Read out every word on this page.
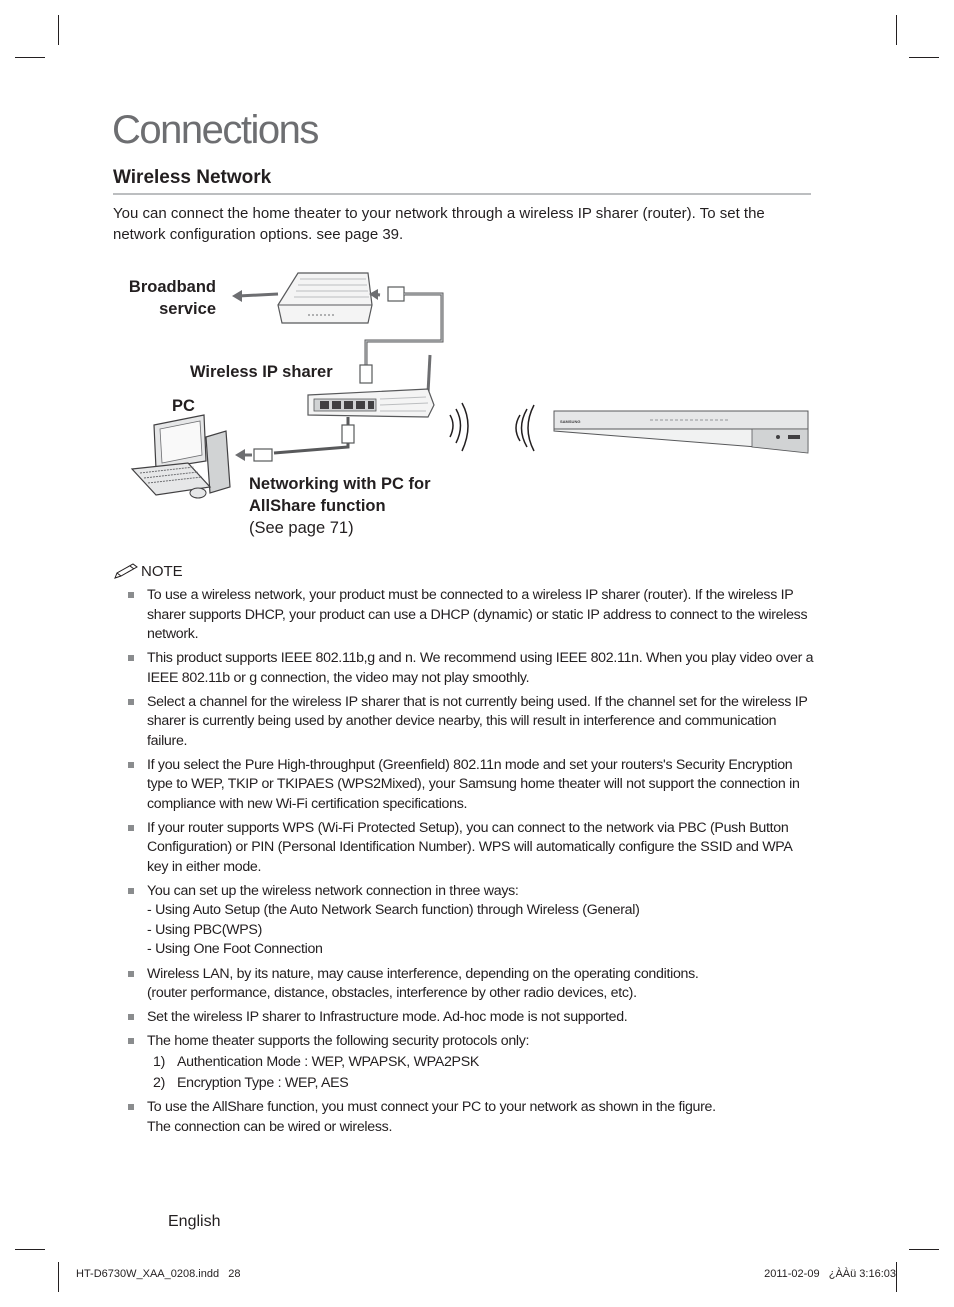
Connections
Wireless Network
You can connect the home theater to your network through a wireless IP sharer (router). To set the network configuration options. see page 39.
SAMSUNG
Broadband
service
Wireless IP sharer
PC
Networking with PC for
AllShare function
(See page 71)
NOTE
To use a wireless network, your product must be connected to a wireless IP sharer (router). If the wireless IP sharer supports DHCP, your product can use a DHCP (dynamic) or static IP address to connect to the wireless network.
This product supports IEEE 802.11b,g and n. We recommend using IEEE 802.11n. When you play video over a IEEE 802.11b or g connection, the video may not play smoothly.
Select a channel for the wireless IP sharer that is not currently being used. If the channel set for the wireless IP sharer is currently being used by another device nearby, this will result in interference and communication failure.
If you select the Pure High-throughput (Greenfield) 802.11n mode and set your routers's Security Encryption type to WEP, TKIP or TKIPAES (WPS2Mixed), your Samsung home theater will not support the connection in compliance with new Wi-Fi certification specifications.
If your router supports WPS (Wi-Fi Protected Setup), you can connect to the network via PBC (Push Button Configuration) or PIN (Personal Identification Number). WPS will automatically configure the SSID and WPA key in either mode.
You can set up the wireless network connection in three ways:
- Using Auto Setup (the Auto Network Search function) through Wireless (General)
- Using PBC(WPS)
- Using One Foot Connection
Wireless LAN, by its nature, may cause interference, depending on the operating conditions.
(router performance, distance, obstacles, interference by other radio devices, etc).
Set the wireless IP sharer to Infrastructure mode. Ad-hoc mode is not supported.
The home theater supports the following security protocols only:
1) Authentication Mode : WEP, WPAPSK, WPA2PSK
2) Encryption Type : WEP, AES
To use the AllShare function, you must connect your PC to your network as shown in the figure.
The connection can be wired or wireless.
28 English
HT-D6730W_XAA_0208.indd   28	2011-02-09   ¿ÀÀü 3:16:03
